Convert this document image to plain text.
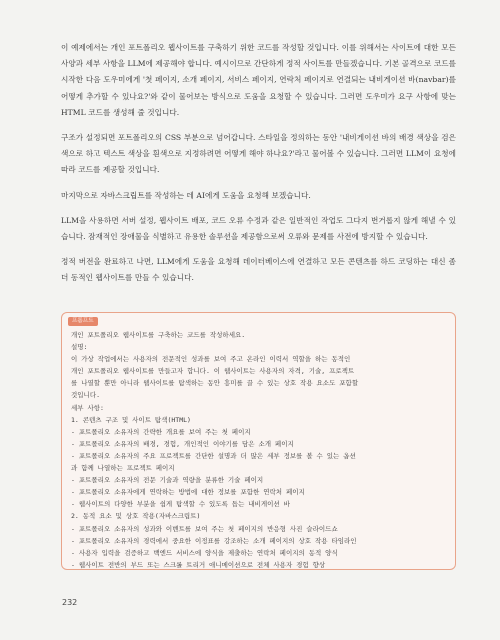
이 예제에서는 개인 포트폴리오 웹사이트를 구축하기 위한 코드를 작성할 것입니다. 이를 위해서는 사이트에 대한 모든 사양과 세부 사항을 LLM에 제공해야 합니다. 예시이므로 간단하게 정적 사이트를 만들겠습니다. 기본 골격으로 코드를 시작한 다음 도우미에게 '첫 페이지, 소개 페이지, 서비스 페이지, 연락처 페이지로 연결되는 내비게이션 바(navbar)를 어떻게 추가할 수 있나요?'와 같이 물어보는 방식으로 도움을 요청할 수 있습니다. 그러면 도우미가 요구 사항에 맞는 HTML 코드를 생성해 줄 것입니다.

구조가 설정되면 포트폴리오의 CSS 부분으로 넘어갑니다. 스타일을 정의하는 동안 '내비게이션 바의 배경 색상을 검은색으로 하고 텍스트 색상을 흰색으로 지정하려면 어떻게 해야 하나요?'라고 물어볼 수 있습니다. 그러면 LLM이 요청에 따라 코드를 제공할 것입니다.

마지막으로 자바스크립트를 작성하는 데 AI에게 도움을 요청해 보겠습니다.

LLM을 사용하면 서버 설정, 웹사이트 배포, 코드 오류 수정과 같은 일반적인 작업도 그다지 번거롭지 않게 해낼 수 있습니다. 잠재적인 장애물을 식별하고 유용한 솔루션을 제공함으로써 오류와 문제를 사전에 방지할 수 있습니다.

정적 버전을 완료하고 나면, LLM에게 도움을 요청해 데이터베이스에 연결하고 모든 콘텐츠를 하드 코딩하는 대신 좀 더 동적인 웹사이트를 만들 수 있습니다.

프롬프트
개인 포트폴리오 웹사이트를 구축하는 코드를 작성하세요.
설명:
이 가상 작업에서는 사용자의 전문적인 성과를 보여 주고 온라인 이력서 역할을 하는 동적인
개인 포트폴리오 웹사이트를 만들고자 합니다. 이 웹사이트는 사용자의 자격, 기술, 프로젝트
를 나열할 뿐만 아니라 웹사이트를 탐색하는 동안 흥미를 끌 수 있는 상호 작용 요소도 포함할
것입니다.
세부 사항:
1. 콘텐츠 구조 및 사이트 탐색(HTML)
- 포트폴리오 소유자의 간략한 개요를 보여 주는 첫 페이지
- 포트폴리오 소유자의 배경, 경험, 개인적인 이야기를 담은 소개 페이지
- 포트폴리오 소유자의 주요 프로젝트를 간단한 설명과 더 많은 세부 정보를 볼 수 있는 옵션
과 함께 나열하는 프로젝트 페이지
- 포트폴리오 소유자의 전문 기술과 역량을 분류한 기술 페이지
- 포트폴리오 소유자에게 연락하는 방법에 대한 정보를 포함한 연락처 페이지
- 웹사이트의 다양한 부분을 쉽게 탐색할 수 있도록 돕는 내비게이션 바
2. 동적 요소 및 상호 작용(자바스크립트)
- 포트폴리오 소유자의 성과와 이벤트를 보여 주는 첫 페이지의 반응형 사진 슬라이드쇼
- 포트폴리오 소유자의 경력에서 중요한 이정표를 강조하는 소개 페이지의 상호 작용 타임라인
- 사용자 입력을 검증하고 백엔드 서비스에 양식을 제출하는 연락처 페이지의 동적 양식
- 웹사이트 전반의 부드 또는 스크롤 트리거 애니메이션으로 전체 사용자 경험 향상
232
